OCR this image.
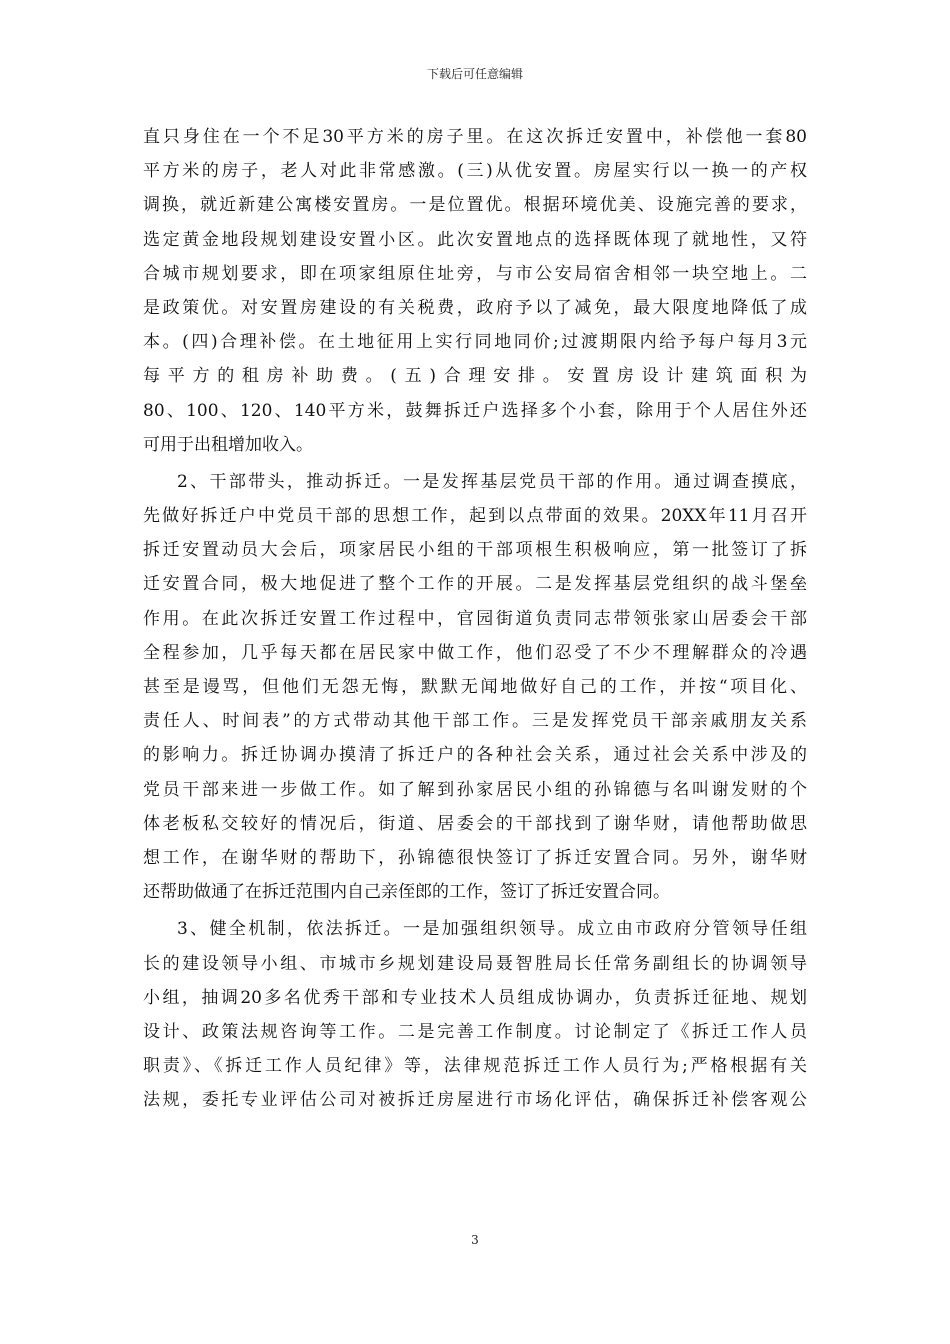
下载后可任意编辑
直只身住在一个不足30平方米的房子里。在这次拆迁安置中，补偿他一套80
平方米的房子，老人对此非常感激。(三)从优安置。房屋实行以一换一的产权
调换，就近新建公寓楼安置房。一是位置优。根据环境优美、设施完善的要求，
选定黄金地段规划建设安置小区。此次安置地点的选择既体现了就地性，又符
合城市规划要求，即在项家组原住址旁，与市公安局宿舍相邻一块空地上。二
是政策优。对安置房建设的有关税费，政府予以了减免，最大限度地降低了成
本。(四)合理补偿。在土地征用上实行同地同价;过渡期限内给予每户每月3元
每平方的租房补助费。(五)合理安排。安置房设计建筑面积为
80、100、120、140平方米，鼓舞拆迁户选择多个小套，除用于个人居住外还
可用于出租增加收入。
2、干部带头，推动拆迁。一是发挥基层党员干部的作用。通过调查摸底，
先做好拆迁户中党员干部的思想工作，起到以点带面的效果。20XX年11月召开
拆迁安置动员大会后，项家居民小组的干部项根生积极响应，第一批签订了拆
迁安置合同，极大地促进了整个工作的开展。二是发挥基层党组织的战斗堡垒
作用。在此次拆迁安置工作过程中，官园街道负责同志带领张家山居委会干部
全程参加，几乎每天都在居民家中做工作，他们忍受了不少不理解群众的冷遇
甚至是谩骂，但他们无怨无悔，默默无闻地做好自己的工作，并按“项目化、
责任人、时间表”的方式带动其他干部工作。三是发挥党员干部亲戚朋友关系
的影响力。拆迁协调办摸清了拆迁户的各种社会关系，通过社会关系中涉及的
党员干部来进一步做工作。如了解到孙家居民小组的孙锦德与名叫谢发财的个
体老板私交较好的情况后，街道、居委会的干部找到了谢华财，请他帮助做思
想工作，在谢华财的帮助下，孙锦德很快签订了拆迁安置合同。另外，谢华财
还帮助做通了在拆迁范围内自己亲侄郎的工作，签订了拆迁安置合同。
3、健全机制，依法拆迁。一是加强组织领导。成立由市政府分管领导任组
长的建设领导小组、市城市乡规划建设局聂智胜局长任常务副组长的协调领导
小组，抽调20多名优秀干部和专业技术人员组成协调办，负责拆迁征地、规划
设计、政策法规咨询等工作。二是完善工作制度。讨论制定了《拆迁工作人员
职责》、《拆迁工作人员纪律》等，法律规范拆迁工作人员行为;严格根据有关
法规，委托专业评估公司对被拆迁房屋进行市场化评估，确保拆迁补偿客观公
3
